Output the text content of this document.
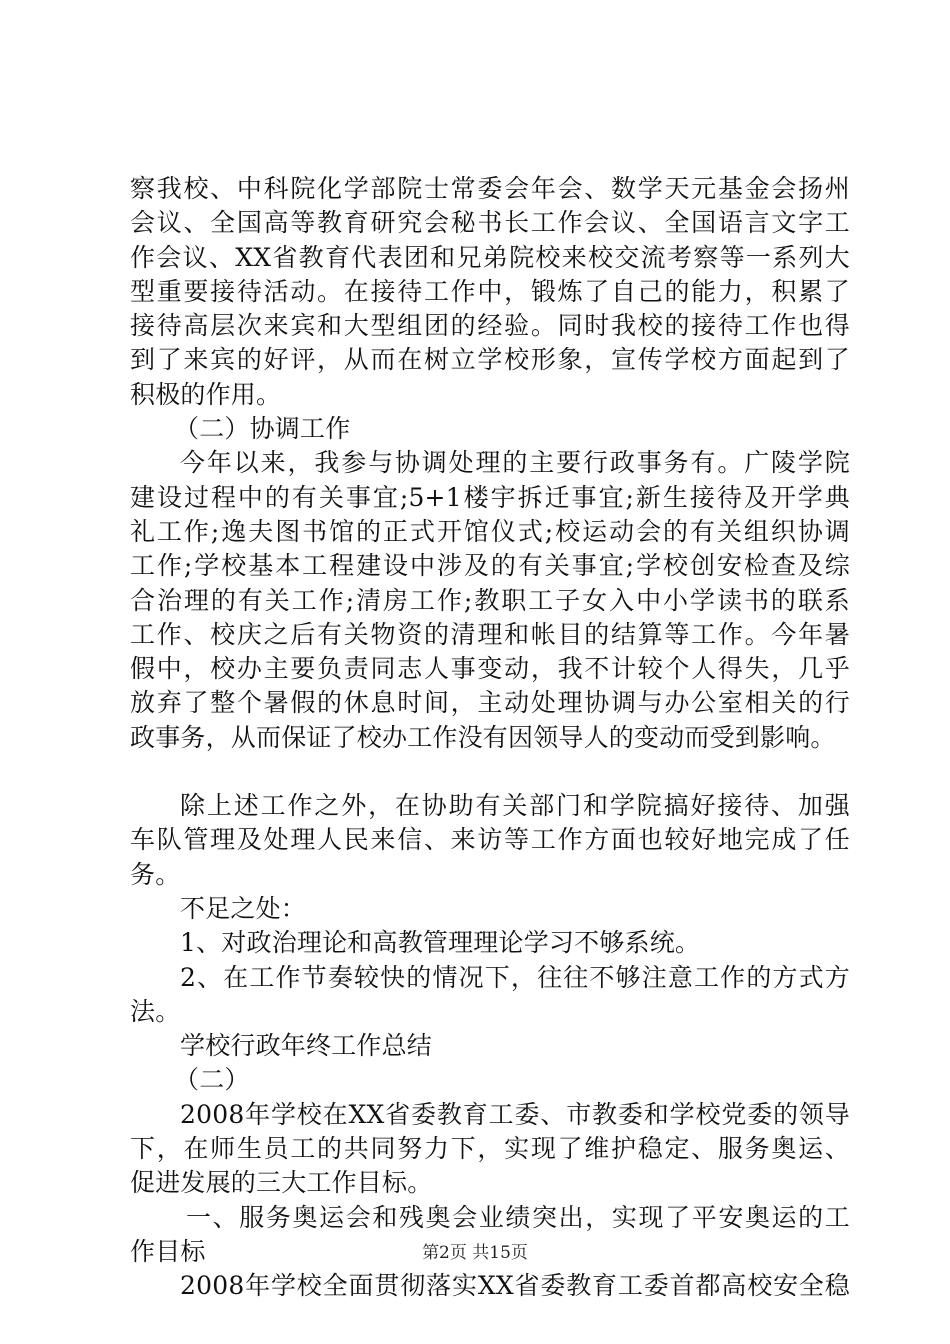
察我校、中科院化学部院士常委会年会、数学天元基金会扬州
会议、全国高等教育研究会秘书长工作会议、全国语言文字工
作会议、XX省教育代表团和兄弟院校来校交流考察等一系列大
型重要接待活动。在接待工作中，锻炼了自己的能力，积累了
接待高层次来宾和大型组团的经验。同时我校的接待工作也得
到了来宾的好评，从而在树立学校形象，宣传学校方面起到了
积极的作用。
（二）协调工作
今年以来，我参与协调处理的主要行政事务有。广陵学院
建设过程中的有关事宜;5+1楼宇拆迁事宜;新生接待及开学典
礼工作;逸夫图书馆的正式开馆仪式;校运动会的有关组织协调
工作;学校基本工程建设中涉及的有关事宜;学校创安检查及综
合治理的有关工作;清房工作;教职工子女入中小学读书的联系
工作、校庆之后有关物资的清理和帐目的结算等工作。今年暑
假中，校办主要负责同志人事变动，我不计较个人得失，几乎
放弃了整个暑假的休息时间，主动处理协调与办公室相关的行
政事务，从而保证了校办工作没有因领导人的变动而受到影响。
除上述工作之外，在协助有关部门和学院搞好接待、加强
车队管理及处理人民来信、来访等工作方面也较好地完成了任
务。
不足之处：
1、对政治理论和高教管理理论学习不够系统。
2、在工作节奏较快的情况下，往往不够注意工作的方式方
法。
学校行政年终工作总结
（二）
2008年学校在XX省委教育工委、市教委和学校党委的领导
下，在师生员工的共同努力下，实现了维护稳定、服务奥运、
促进发展的三大工作目标。
一、服务奥运会和残奥会业绩突出，实现了平安奥运的工
作目标
2008年学校全面贯彻落实XX省委教育工委首都高校安全稳
第2页 共15页
